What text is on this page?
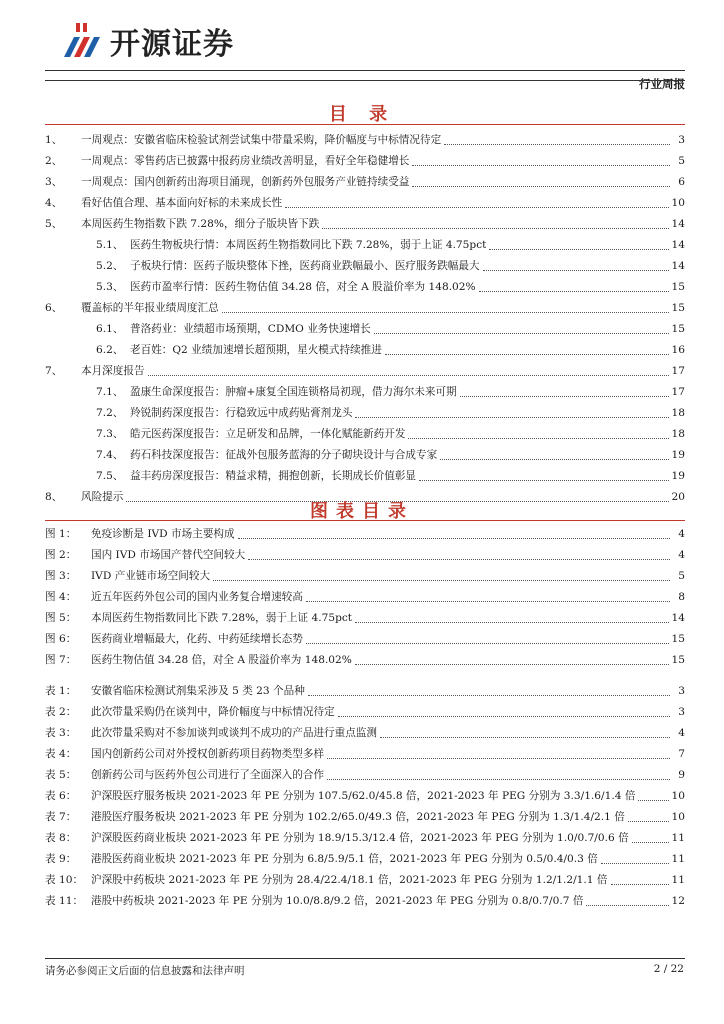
开源证券
行业周报
目 录
1、	一周观点：安徽省临床检验试剂尝试集中带量采购，降价幅度与中标情况待定	3
2、	一周观点：零售药店已披露中报药房业绩改善明显，看好全年稳健增长	5
3、	一周观点：国内创新药出海项目涌现，创新药外包服务产业链持续受益	6
4、	看好估值合理、基本面向好标的未来成长性	10
5、	本周医药生物指数下跌 7.28%，细分子版块皆下跌	14
5.1、 医药生物板块行情：本周医药生物指数同比下跌 7.28%，弱于上证 4.75pct	14
5.2、 子板块行情：医药子版块整体下挫，医药商业跌幅最小、医疗服务跌幅最大	14
5.3、 医药市盈率行情：医药生物估值 34.28 倍，对全 A 股溢价率为 148.02%	15
6、	覆盖标的半年报业绩周度汇总	15
6.1、 普洛药业：业绩超市场预期，CDMO 业务快速增长	15
6.2、 老百姓：Q2 业绩加速增长超预期，星火模式持续推进	16
7、	本月深度报告	17
7.1、 盈康生命深度报告：肿瘤+康复全国连锁格局初现，借力海尔未来可期	17
7.2、 羚锐制药深度报告：行稳致远中成药贴膏剂龙头	18
7.3、 皓元医药深度报告：立足研发和品牌，一体化赋能新药开发	18
7.4、 药石科技深度报告：征战外包服务蓝海的分子砌块设计与合成专家	19
7.5、 益丰药房深度报告：精益求精，拥抱创新，长期成长价值彰显	19
8、	风险提示	20
图表目录
图 1：	免疫诊断是 IVD 市场主要构成	4
图 2：	国内 IVD 市场国产替代空间较大	4
图 3：	IVD 产业链市场空间较大	5
图 4：	近五年医药外包公司的国内业务复合增速较高	8
图 5：	本周医药生物指数同比下跌 7.28%，弱于上证 4.75pct	14
图 6：	医药商业增幅最大，化药、中药延续增长态势	15
图 7：	医药生物估值 34.28 倍，对全 A 股溢价率为 148.02%	15
表 1：	安徽省临床检测试剂集采涉及 5 类 23 个品种	3
表 2：	此次带量采购仍在谈判中，降价幅度与中标情况待定	3
表 3：	此次带量采购对不参加谈判或谈判不成功的产品进行重点监测	4
表 4：	国内创新药公司对外授权创新药项目药物类型多样	7
表 5：	创新药公司与医药外包公司进行了全面深入的合作	9
表 6：	沪深股医疗服务板块 2021-2023 年 PE 分别为 107.5/62.0/45.8 倍，2021-2023 年 PEG 分别为 3.3/1.6/1.4 倍	10
表 7：	港股医疗服务板块 2021-2023 年 PE 分别为 102.2/65.0/49.3 倍，2021-2023 年 PEG 分别为 1.3/1.4/2.1 倍	10
表 8：	沪深股医药商业板块 2021-2023 年 PE 分别为 18.9/15.3/12.4 倍，2021-2023 年 PEG 分别为 1.0/0.7/0.6 倍	11
表 9：	港股医药商业板块 2021-2023 年 PE 分别为 6.8/5.9/5.1 倍，2021-2023 年 PEG 分别为 0.5/0.4/0.3 倍	11
表 10： 沪深股中药板块 2021-2023 年 PE 分别为 28.4/22.4/18.1 倍，2021-2023 年 PEG 分别为 1.2/1.2/1.1 倍	11
表 11： 港股中药板块 2021-2023 年 PE 分别为 10.0/8.8/9.2 倍，2021-2023 年 PEG 分别为 0.8/0.7/0.7 倍	12
请务必参阅正文后面的信息披露和法律声明	2 / 22
